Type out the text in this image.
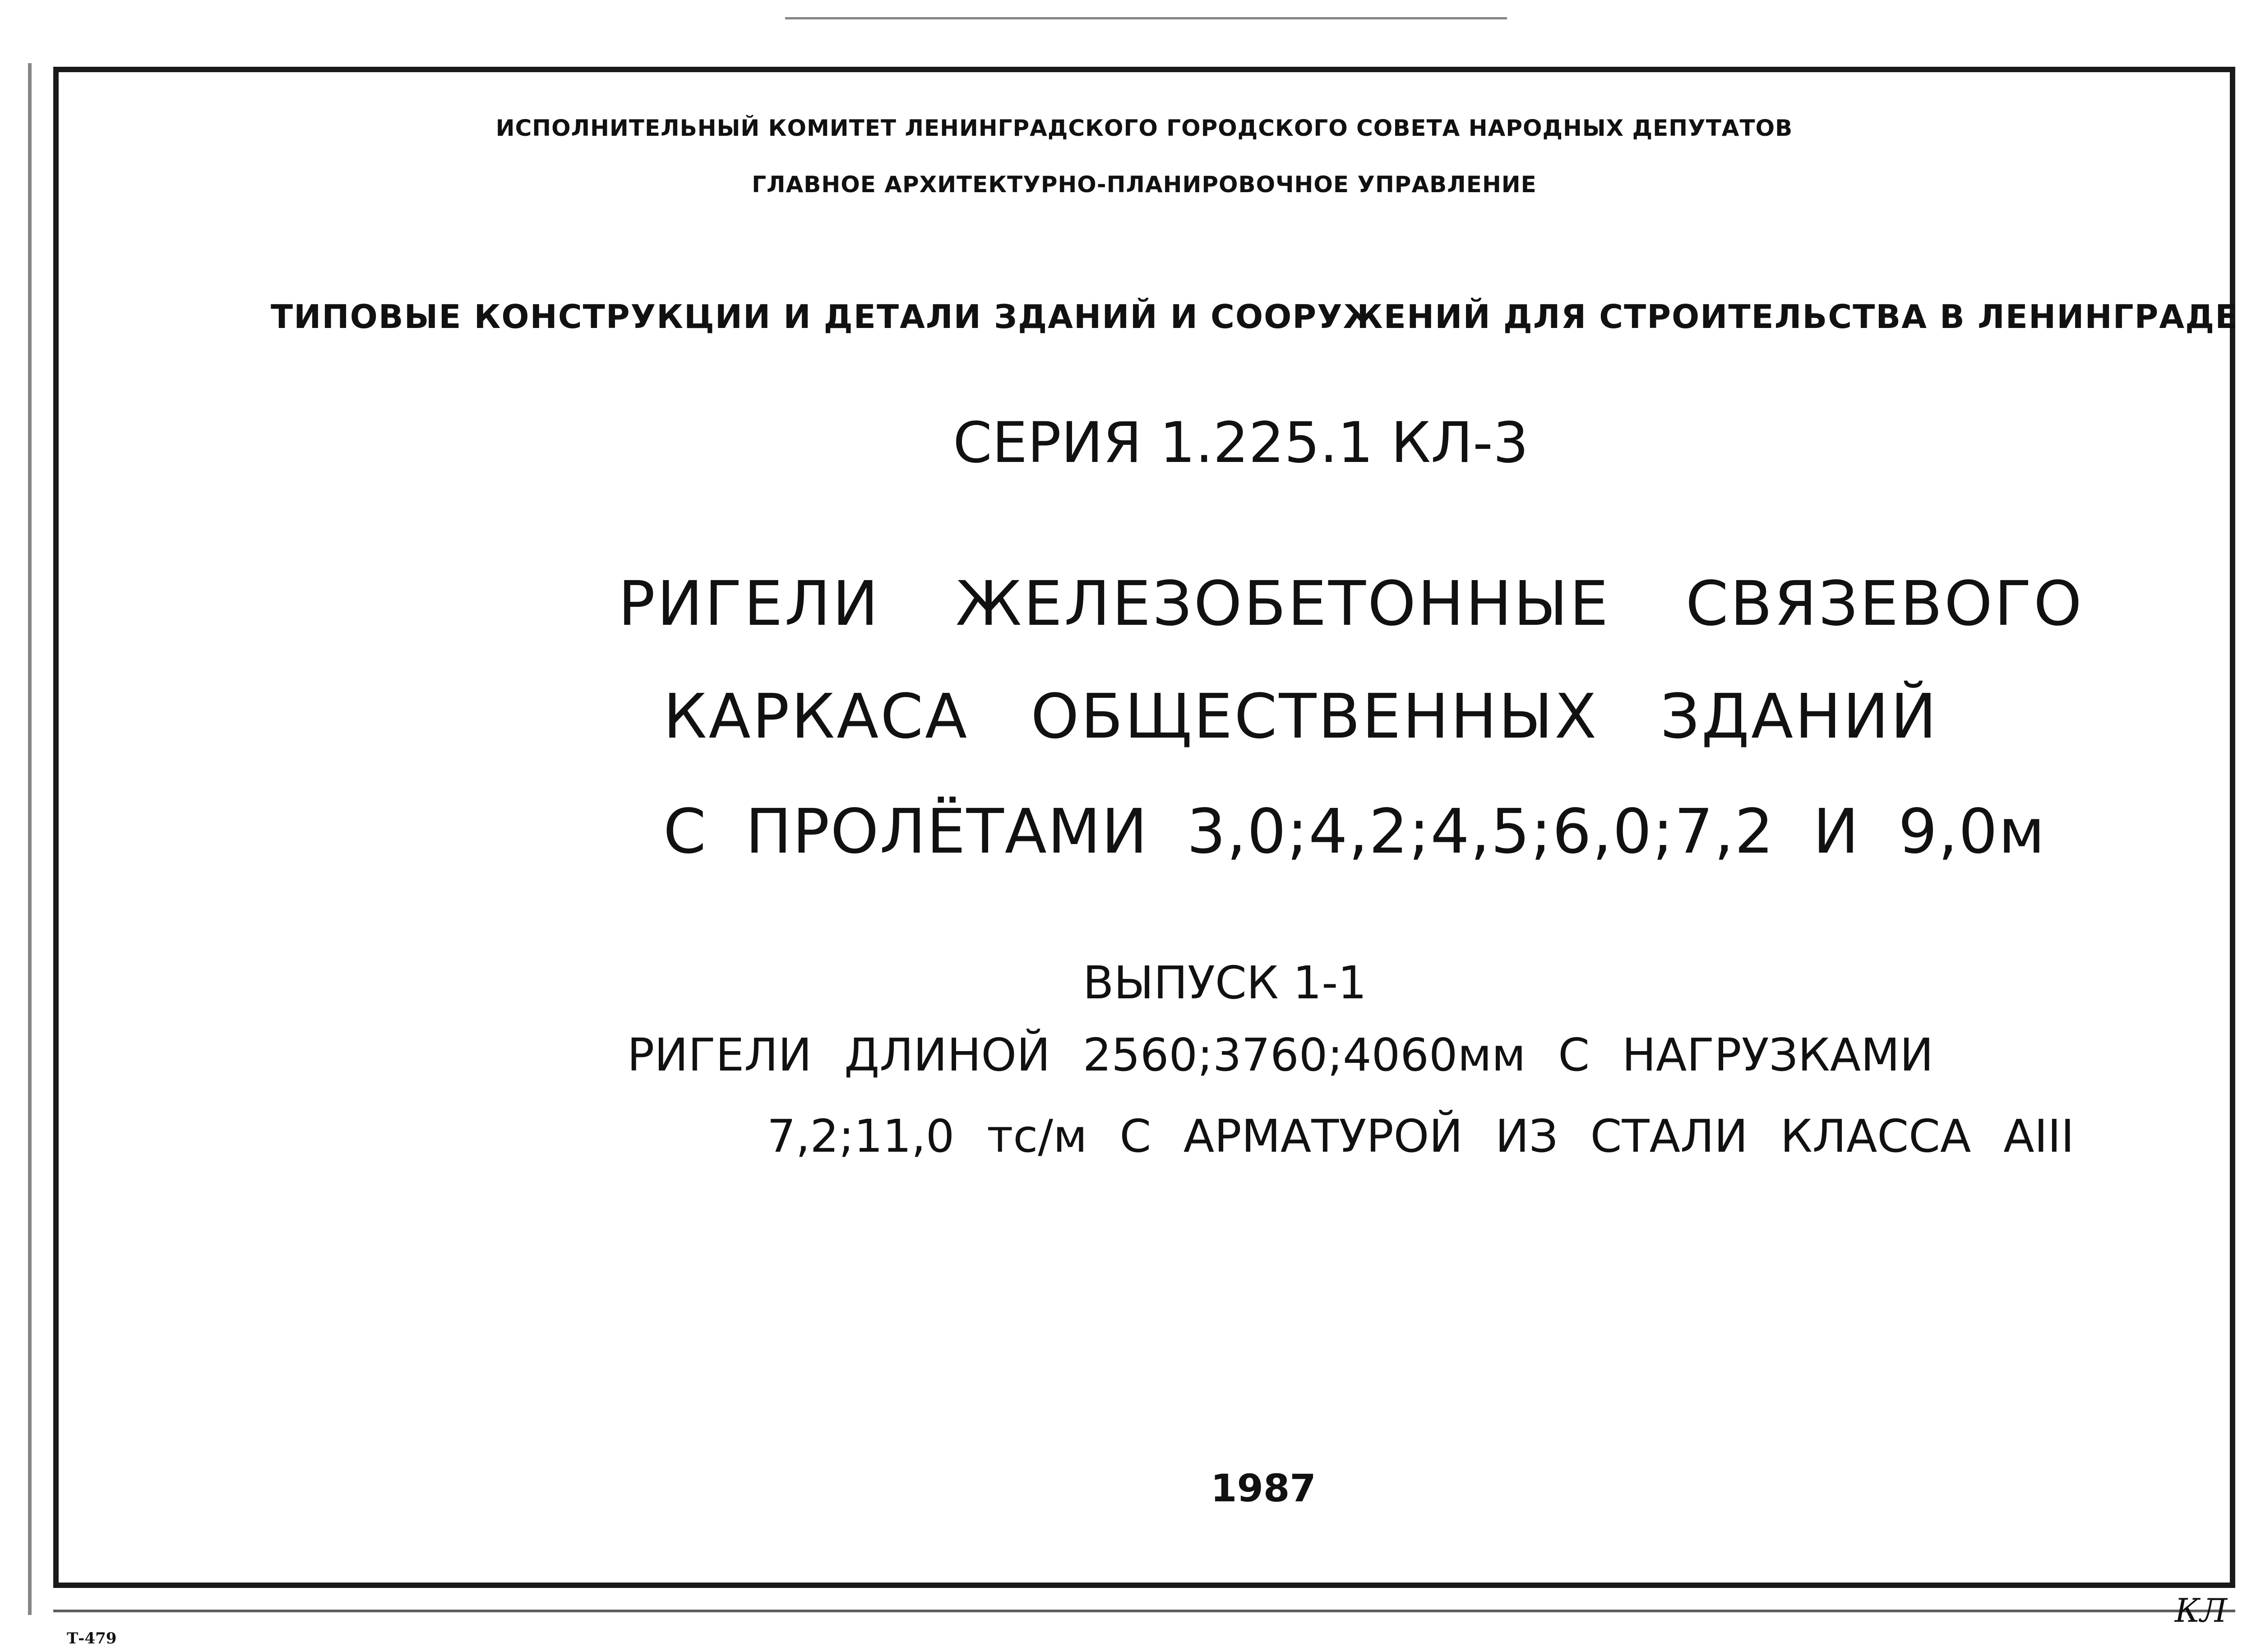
ИСПОЛНИТЕЛЬНЫЙ КОМИТЕТ ЛЕНИНГРАДСКОГО ГОРОДСКОГО СОВЕТА НАРОДНЫХ ДЕПУТАТОВ
ГЛАВНОЕ АРХИТЕКТУРНО-ПЛАНИРОВОЧНОЕ УПРАВЛЕНИЕ
ТИПОВЫЕ КОНСТРУКЦИИ И ДЕТАЛИ ЗДАНИЙ И СООРУЖЕНИЙ ДЛЯ СТРОИТЕЛЬСТВА В ЛЕНИНГРАДЕ
СЕРИЯ 1.225.1 КЛ-3
РИГЕЛИ ЖЕЛЕЗОБЕТОННЫЕ СВЯЗЕВОГО
КАРКАСА ОБЩЕСТВЕННЫХ ЗДАНИЙ
С ПРОЛЁТАМИ 3,0;4,2;4,5;6,0;7,2 И 9,0м
ВЫПУСК 1-1
РИГЕЛИ ДЛИНОЙ 2560;3760;4060мм С НАГРУЗКАМИ
7,2;11,0 тс/м С АРМАТУРОЙ ИЗ СТАЛИ КЛАССА АIII
1987
Т-479
КЛ
